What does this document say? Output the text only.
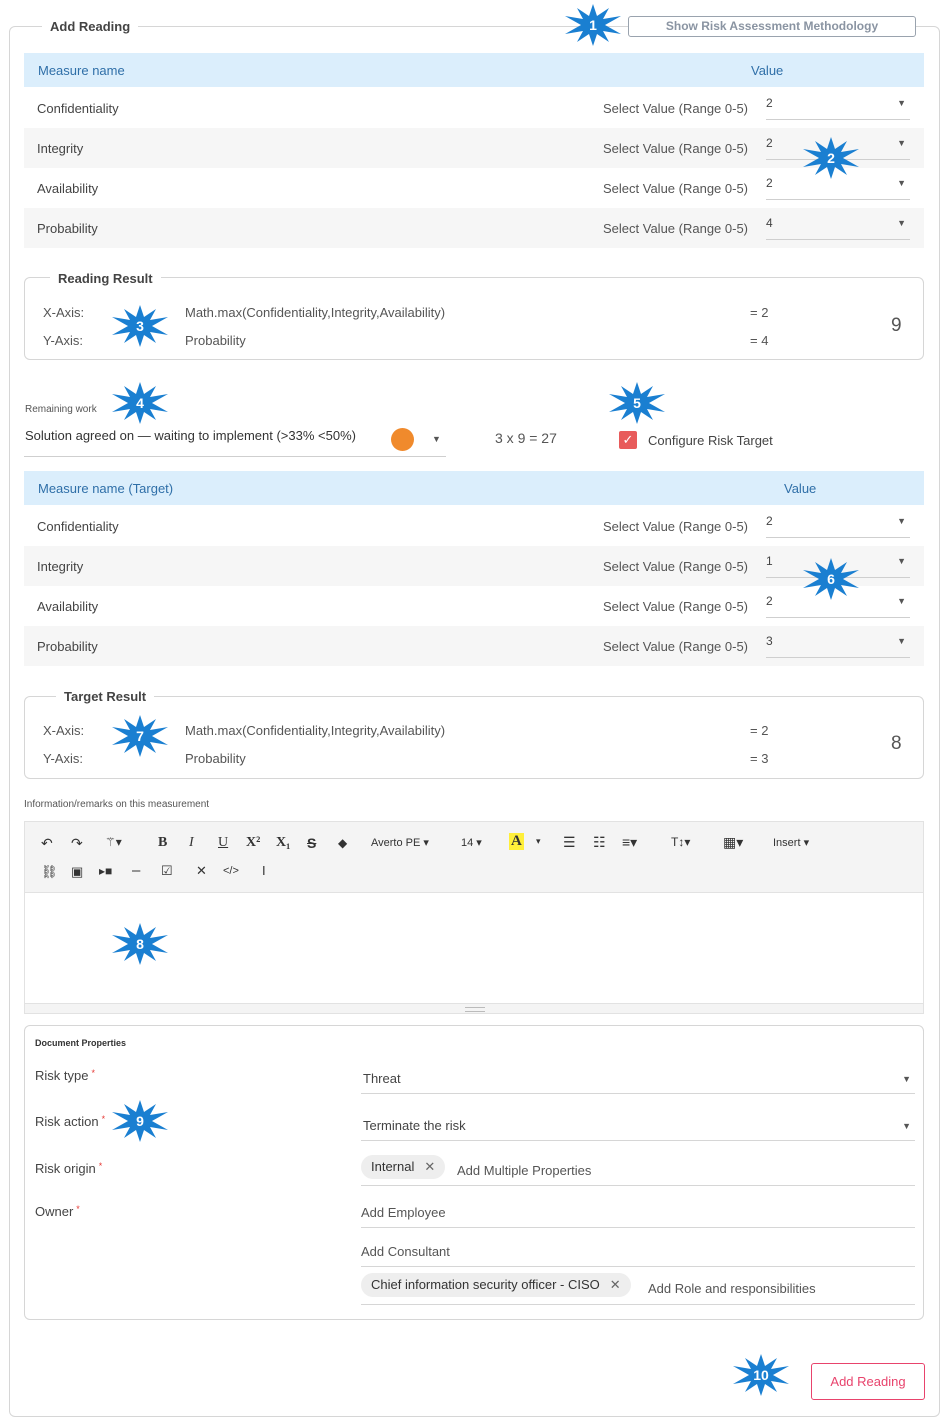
Add Reading	Show Risk Assessment Methodology
Measure name	Value
Confidentiality	Select Value (Range 0-5) 2	▼
Integrity	Select Value (Range 0-5) 2	▼
Availability	Select Value (Range 0-5) 2	▼
Probability	Select Value (Range 0-5) 4	▼
Reading Result
X-Axis:	Math.max(Confidentiality,Integrity,Availability)	= 2
Y-Axis:	Probability	= 4
9
Remaining work
Solution agreed on — waiting to implement (>33% <50%)	▼	3 x 9 = 27	✓ Configure Risk Target
Measure name (Target)	Value
Confidentiality	Select Value (Range 0-5) 2	▼
Integrity	Select Value (Range 0-5) 1	▼
Availability	Select Value (Range 0-5) 2	▼
Probability	Select Value (Range 0-5) 3	▼
Target Result
X-Axis:	Math.max(Confidentiality,Integrity,Availability)	= 2
Y-Axis:	Probability	= 3
8
Information/remarks on this measurement
↶ ↷ ⚚▾	B I U X² X₁ S ◆ Averto PE ▾	14 ▾ A ▾ ☰ ☷ ≡▾	T↕▾ ▦▾	Insert ▾
⛓ ▣ ▸■ – ☑ ✕ </> I
Document Properties
Risk type *	Threat	▼
Risk action *	Terminate the risk	▼
Risk origin *	Internal ✕	Add Multiple Properties
Owner *	Add Employee
Add Consultant
Chief information security officer - CISO ✕	Add Role and responsibilities
Add Reading
1
2
3
4	5
6
7
8
9
10
